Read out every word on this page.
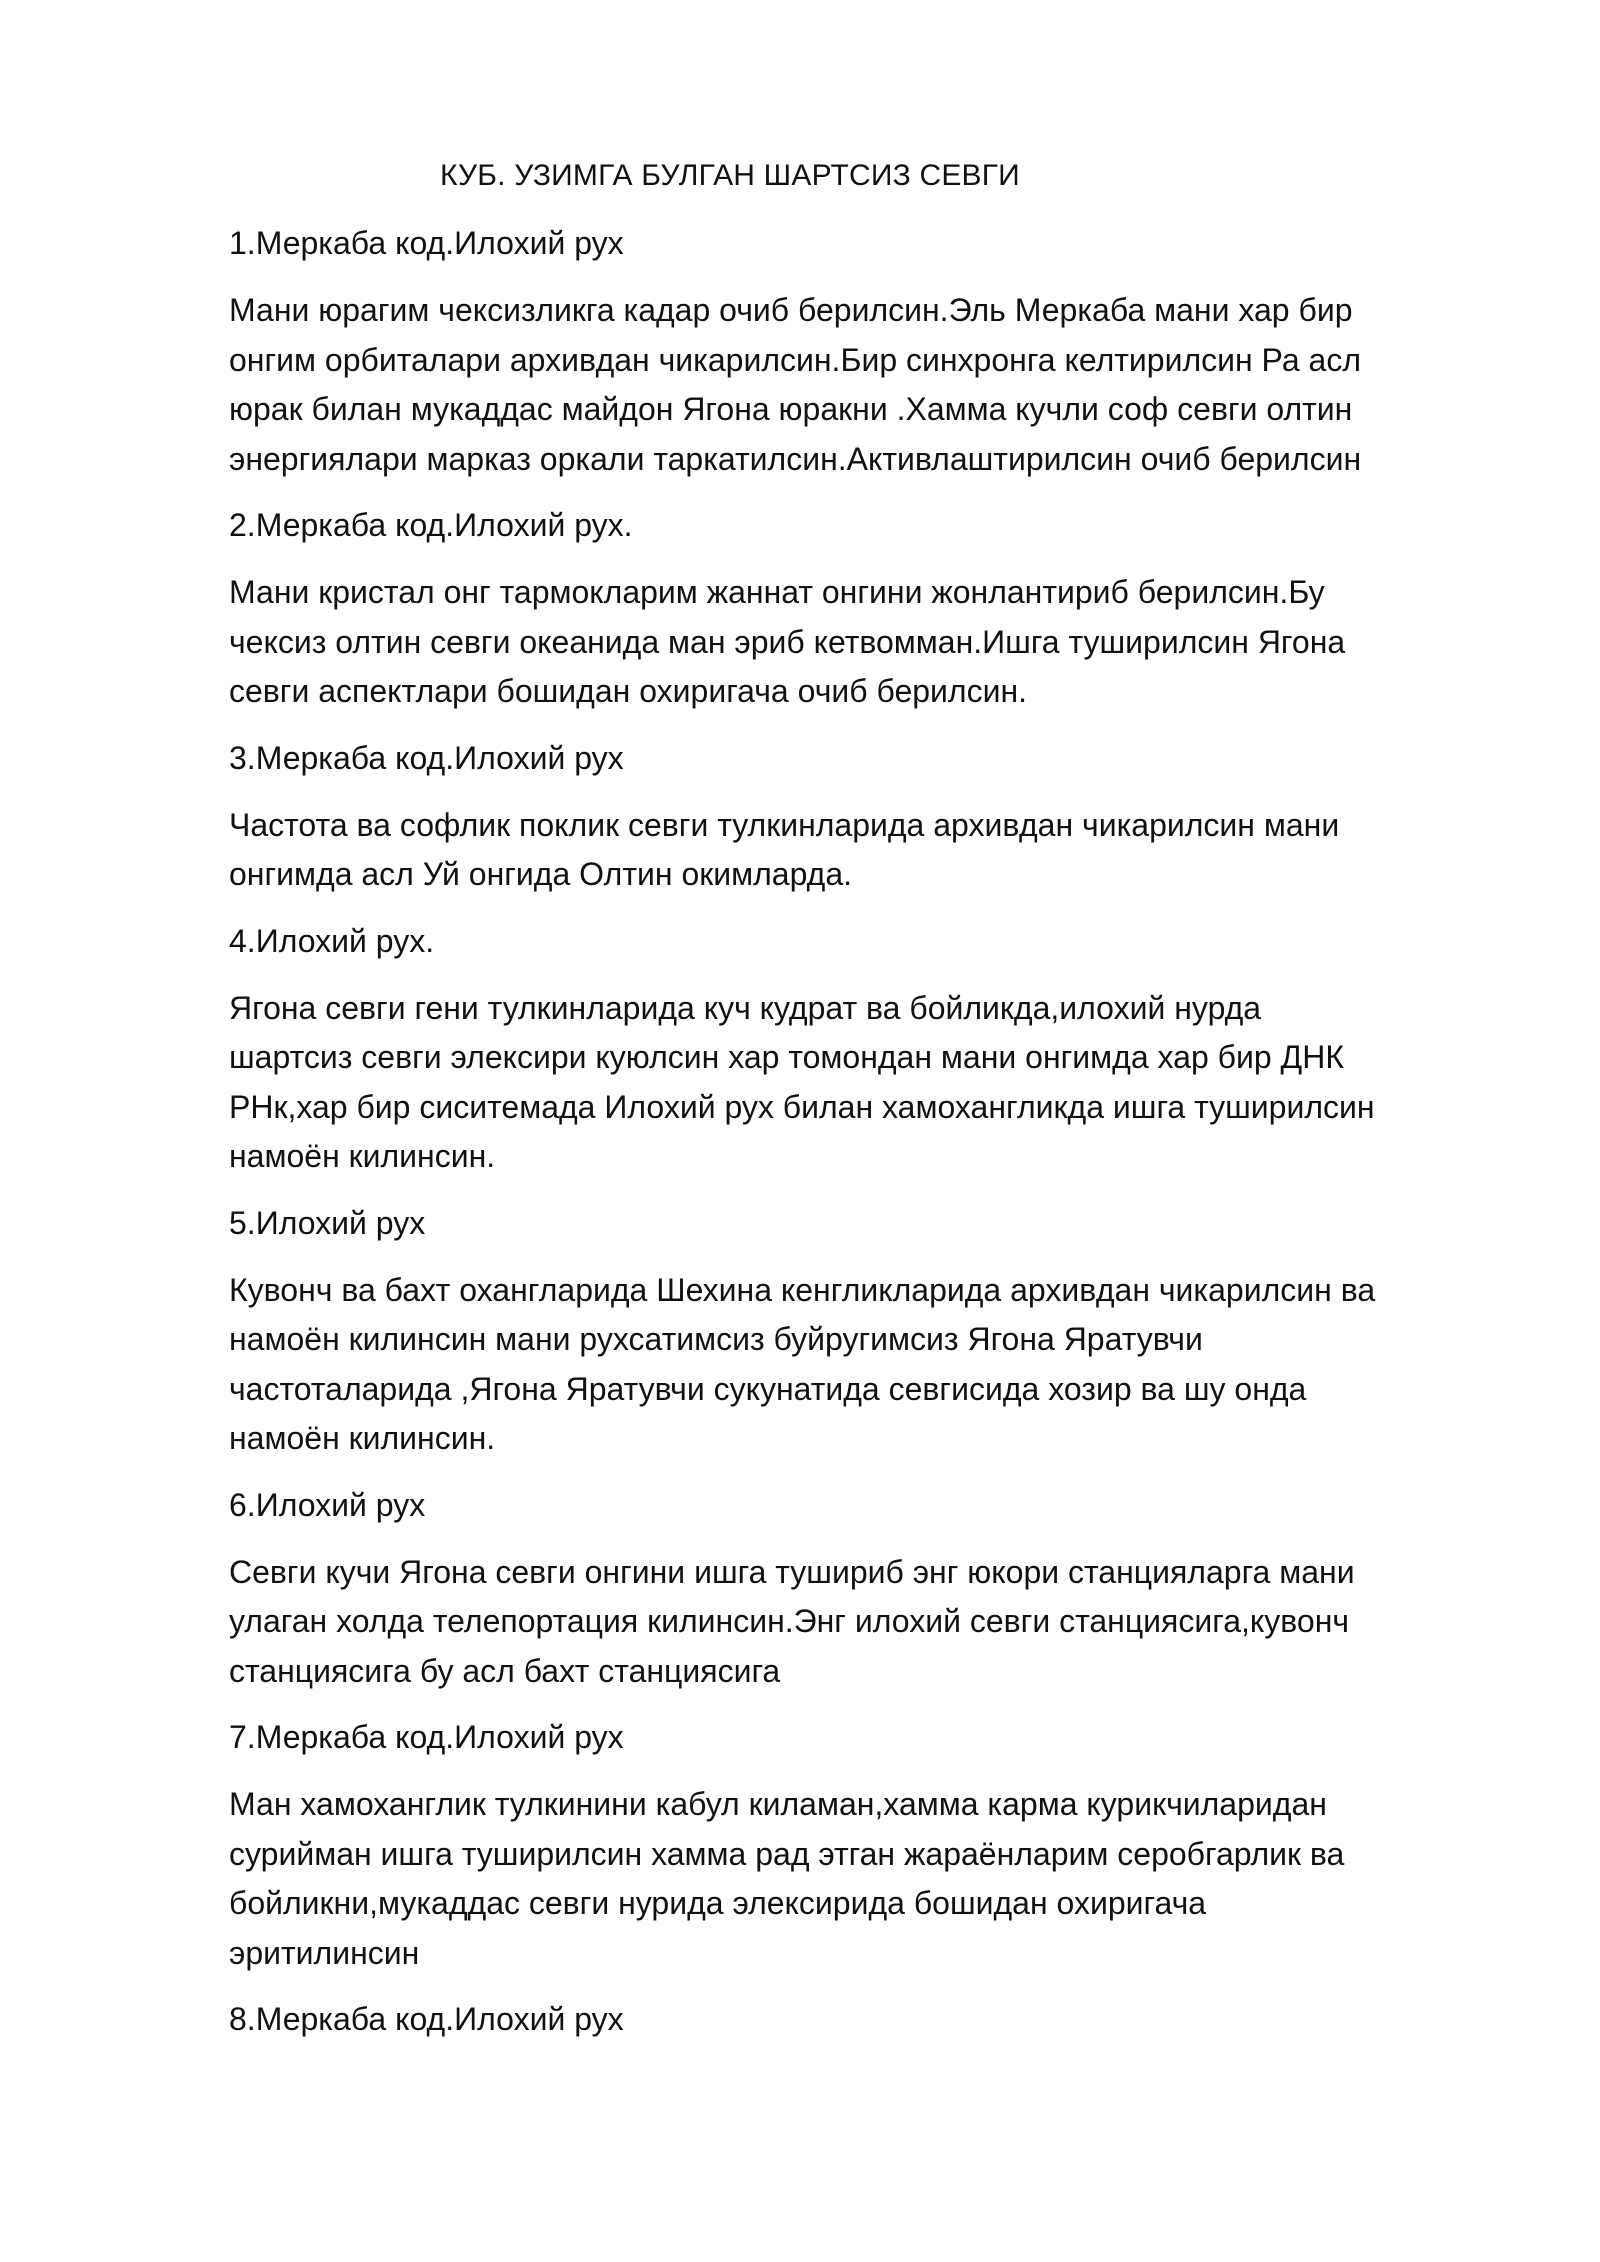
КУБ. УЗИМГА БУЛГАН ШАРТСИЗ СЕВГИ
1.Меркаба код.Илохий рух

Мани юрагим чексизликга кадар очиб берилсин.Эль Меркаба мани хар бир
онгим орбиталари архивдан чикарилсин.Бир синхронга келтирилсин Ра асл
юрак билан мукаддас майдон Ягона юракни .Хамма кучли соф севги олтин
энергиялари марказ оркали таркатилсин.Активлаштирилсин очиб берилсин

2.Меркаба код.Илохий рух.

Мани кристал онг тармокларим жаннат онгини жонлантириб берилсин.Бу
чексиз олтин севги океанида ман эриб кетвомман.Ишга туширилсин Ягона
севги аспектлари бошидан охиригача очиб берилсин.

3.Меркаба код.Илохий рух

Частота ва софлик поклик севги тулкинларида архивдан чикарилсин мани
онгимда асл Уй онгида Олтин окимларда.

4.Илохий рух.

Ягона севги гени тулкинларида куч кудрат ва бойликда,илохий нурда
шартсиз севги элексири куюлсин хар томондан мани онгимда хар бир ДНК
РНк,хар бир сиситемада Илохий рух билан хамохангликда ишга туширилсин
намоён килинсин.

5.Илохий рух

Кувонч ва бахт охангларида Шехина кенгликларида архивдан чикарилсин ва
намоён килинсин мани рухсатимсиз буйругимсиз Ягона Яратувчи
частоталарида ,Ягона Яратувчи сукунатида севгисида хозир ва шу онда
намоён килинсин.

6.Илохий рух

Севги кучи Ягона севги онгини ишга тушириб энг юкори станцияларга мани
улаган холда телепортация килинсин.Энг илохий севги станциясига,кувонч
станциясига бу асл бахт станциясига

7.Меркаба код.Илохий рух

Ман хамоханглик тулкинини кабул киламан,хамма карма курикчиларидан
сурийман ишга туширилсин хамма рад этган жараёнларим серобгарлик ва
бойликни,мукаддас севги нурида элексирида бошидан охиригача
эритилинсин

8.Меркаба код.Илохий рух
